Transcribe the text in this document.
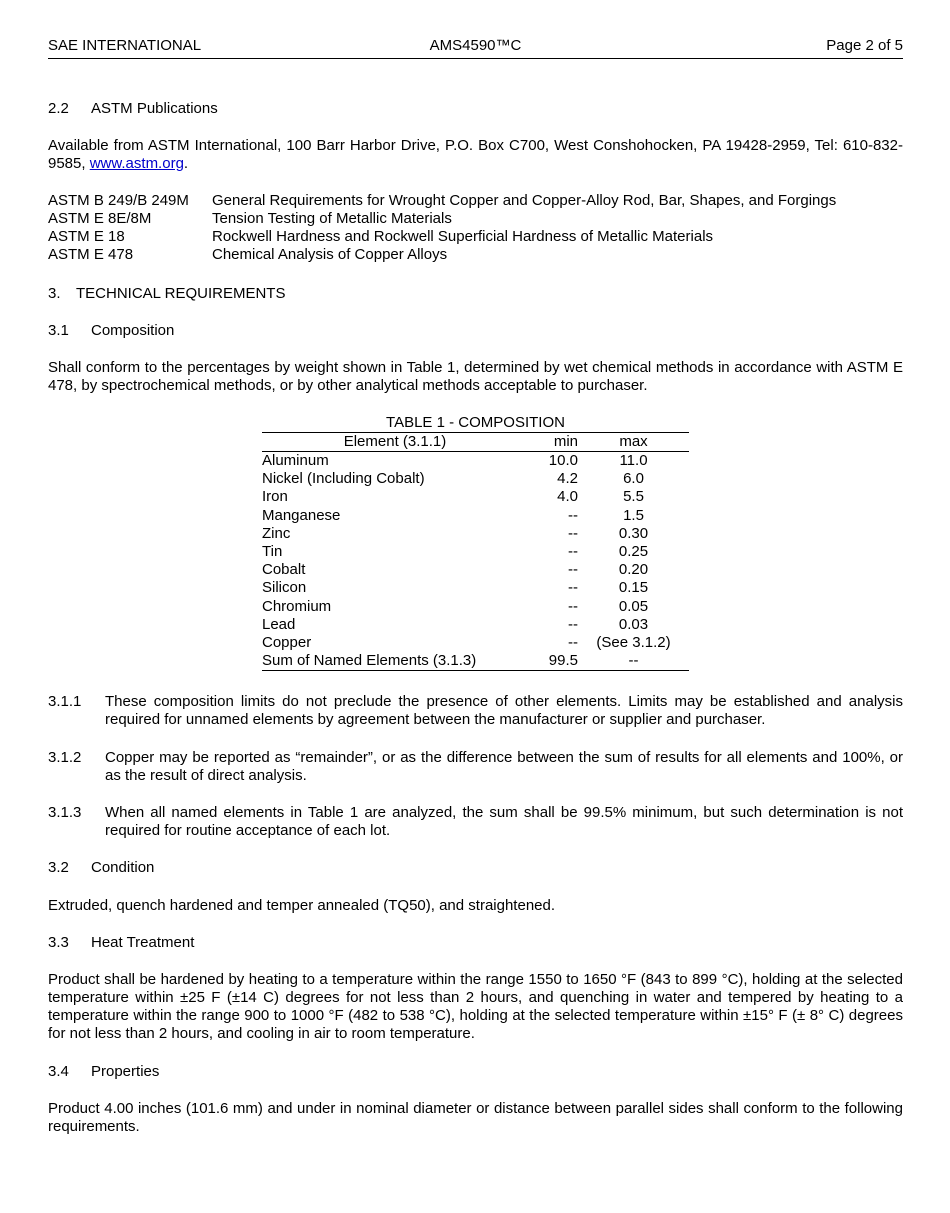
SAE INTERNATIONAL	AMS4590™C	Page 2 of 5
2.2 ASTM Publications
Available from ASTM International, 100 Barr Harbor Drive, P.O. Box C700, West Conshohocken, PA 19428-2959, Tel: 610-832-9585, www.astm.org.
ASTM B 249/B 249M General Requirements for Wrought Copper and Copper-Alloy Rod, Bar, Shapes, and Forgings
ASTM E 8E/8M	Tension Testing of Metallic Materials
ASTM E 18	Rockwell Hardness and Rockwell Superficial Hardness of Metallic Materials
ASTM E 478	Chemical Analysis of Copper Alloys
3. TECHNICAL REQUIREMENTS
3.1 Composition
Shall conform to the percentages by weight shown in Table 1, determined by wet chemical methods in accordance with ASTM E 478, by spectrochemical methods, or by other analytical methods acceptable to purchaser.
TABLE 1 - COMPOSITION
Element (3.1.1)	min	max
Aluminum	10.0	11.0
Nickel (Including Cobalt)	4.2	6.0
Iron	4.0	5.5
Manganese	--	1.5
Zinc	--	0.30
Tin	--	0.25
Cobalt	--	0.20
Silicon	--	0.15
Chromium	--	0.05
Lead	--	0.03
Copper	--	(See 3.1.2)
Sum of Named Elements (3.1.3)	99.5	--
3.1.1 These composition limits do not preclude the presence of other elements. Limits may be established and analysis required for unnamed elements by agreement between the manufacturer or supplier and purchaser.
3.1.2 Copper may be reported as “remainder”, or as the difference between the sum of results for all elements and 100%, or as the result of direct analysis.
3.1.3 When all named elements in Table 1 are analyzed, the sum shall be 99.5% minimum, but such determination is not required for routine acceptance of each lot.
3.2 Condition
Extruded, quench hardened and temper annealed (TQ50), and straightened.
3.3 Heat Treatment
Product shall be hardened by heating to a temperature within the range 1550 to 1650 °F (843 to 899 °C), holding at the selected temperature within ±25 F (±14 C) degrees for not less than 2 hours, and quenching in water and tempered by heating to a temperature within the range 900 to 1000 °F (482 to 538 °C), holding at the selected temperature within ±15° F (± 8° C) degrees for not less than 2 hours, and cooling in air to room temperature.
3.4 Properties
Product 4.00 inches (101.6 mm) and under in nominal diameter or distance between parallel sides shall conform to the following requirements.
